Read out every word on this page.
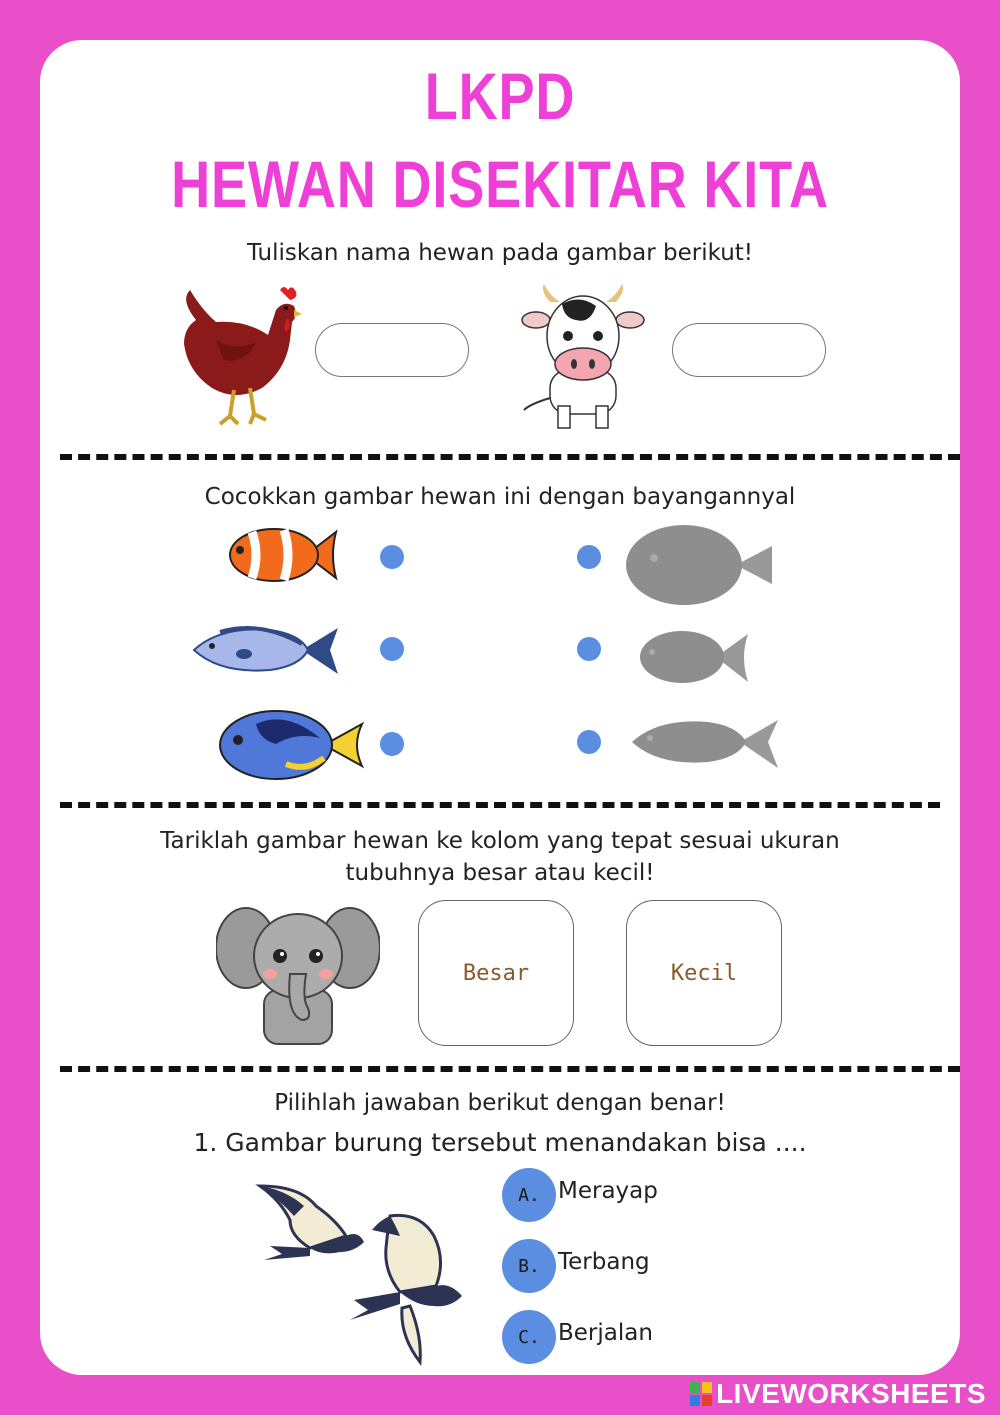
LKPD
HEWAN DISEKITAR KITA
Tuliskan nama hewan pada gambar berikut!
Cocokkan gambar hewan ini dengan bayangannyal
Tariklah gambar hewan ke kolom yang tepat sesuai ukuran
tubuhnya besar atau kecil!
Besar	Kecil
Pilihlah jawaban berikut dengan benar!
1. Gambar burung tersebut menandakan bisa ....
A. Merayap
B. Terbang
C. Berjalan
LIVEWORKSHEETS
